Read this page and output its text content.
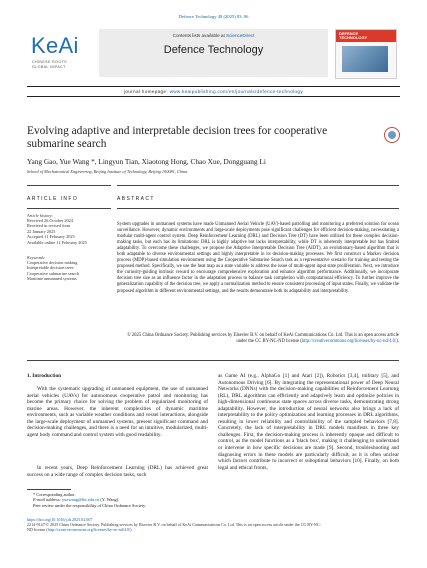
Defence Technology 48 (2025) 83–96
KeAi
CHINESE ROOTS
GLOBAL IMPACT
Contents lists available at ScienceDirect
Defence Technology
DEFENCE
TECHNOLOGY
journal homepage: www.keaipublishing.com/en/journals/defence-technology
Evolving adaptive and interpretable decision trees for cooperative submarine search
Yang Gao, Yue Wang *, Lingyun Tian, Xiaotong Hong, Chao Xue, Dongguang Li
School of Mechatronical Engineering, Beijing Institute of Technology, Beijing 100081, China
ARTICLE INFO	ABSTRACT
Article history:
Received 26 October 2024
Received in revised form
22 January 2025
Accepted 11 February 2025
Available online 12 February 2025
Keywords:
Cooperative decision making
Interpretable decision trees
Cooperative submarine search
Maritime unmanned systems
System upgrades in unmanned systems have made Unmanned Aerial Vehicle (UAV)-based patrolling and monitoring a preferred solution for ocean surveillance. However, dynamic environments and large-scale deployments pose significant challenges for efficient decision-making, necessitating a modular multi-agent control system. Deep Reinforcement Learning (DRL) and Decision Tree (DT) have been utilized for these complex decision-making tasks, but each has its limitations: DRL is highly adaptive but lacks interpretability, while DT is inherently interpretable but has limited adaptability. To overcome these challenges, we propose the Adaptive Interpretable Decision Tree (AIDT), an evolutionary-based algorithm that is both adaptable to diverse environmental settings and highly interpretable in its decision-making processes. We first construct a Markov decision process (MDP)-based simulation environment using the Cooperative Submarine Search task as a representative scenario for training and testing the proposed method. Specifically, we use the heat map as a state variable to address the issue of multi-agent input state proliferation. Next, we introduce the curiosity-guiding intrinsic reward to encourage comprehensive exploration and enhance algorithm performance. Additionally, we incorporate decision tree size as an influence factor in the adaptation process to balance task completion with computational efficiency. To further improve the generalization capability of the decision tree, we apply a normalization method to ensure consistent processing of input states. Finally, we validate the proposed algorithm in different environmental settings, and the results demonstrate both its adaptability and interpretability.
© 2025 China Ordnance Society. Publishing services by Elsevier B.V. on behalf of KeAi Communications Co. Ltd. This is an open access article under the CC BY-NC-ND license (http://creativecommons.org/licenses/by-nc-nd/4.0/).
1. Introduction
With the systematic upgrading of unmanned equipment, the use of unmanned aerial vehicles (UAVs) for autonomous cooperative patrol and monitoring has become the primary choice for solving the problem of regularized monitoring of marine areas. However, the inherent complexities of dynamic maritime environments, such as variable weather conditions and vessel interactions, alongside the large-scale deployment of unmanned systems, present significant command and decision-making challenges, and there is a need for an intuitive, modularized, multi-agent body command and control system with good readability.
In recent years, Deep Reinforcement Learning (DRL) has achieved great success on a wide range of complex decision tasks, such
as Game AI (e.g., AlphaGo [1] and Atari [2]), Robotics [3,4], military [5], and Autonomous Driving [6]. By integrating the representational power of Deep Neural Networks (DNNs) with the decision-making capabilities of Reinforcement Learning (RL), DRL algorithms can efficiently and adaptively learn and optimize policies in high-dimensional continuous state spaces across diverse tasks, demonstrating strong adaptability. However, the introduction of neural networks also brings a lack of interpretability to the policy optimization and learning processes in DRL algorithms, resulting in lower reliability and controllability of the sampled behaviors [7,8]. Concretely, the lack of interpretability in DRL models manifests in three key challenges. First, the decision-making process is inherently opaque and difficult to control, as the model functions as a 'black box', making it challenging to understand or intervene in how specific decisions are made [9]. Second, troubleshooting and diagnosing errors in these models are particularly difficult, as it is often unclear which factors contribute to incorrect or suboptimal behaviors [10]. Finally, on both legal and ethical fronts,
* Corresponding author.
E-mail address: yuewang@bit.edu.cn (Y. Wang).
Peer review under the responsibility of China Ordnance Society.
https://doi.org/10.1016/j.dt.2025.02.007
2214-9147/© 2025 China Ordnance Society. Publishing services by Elsevier B.V. on behalf of KeAi Communications Co. Ltd. This is an open access article under the CC BY-NC-
ND license (http://creativecommons.org/licenses/by-nc-nd/4.0/).
